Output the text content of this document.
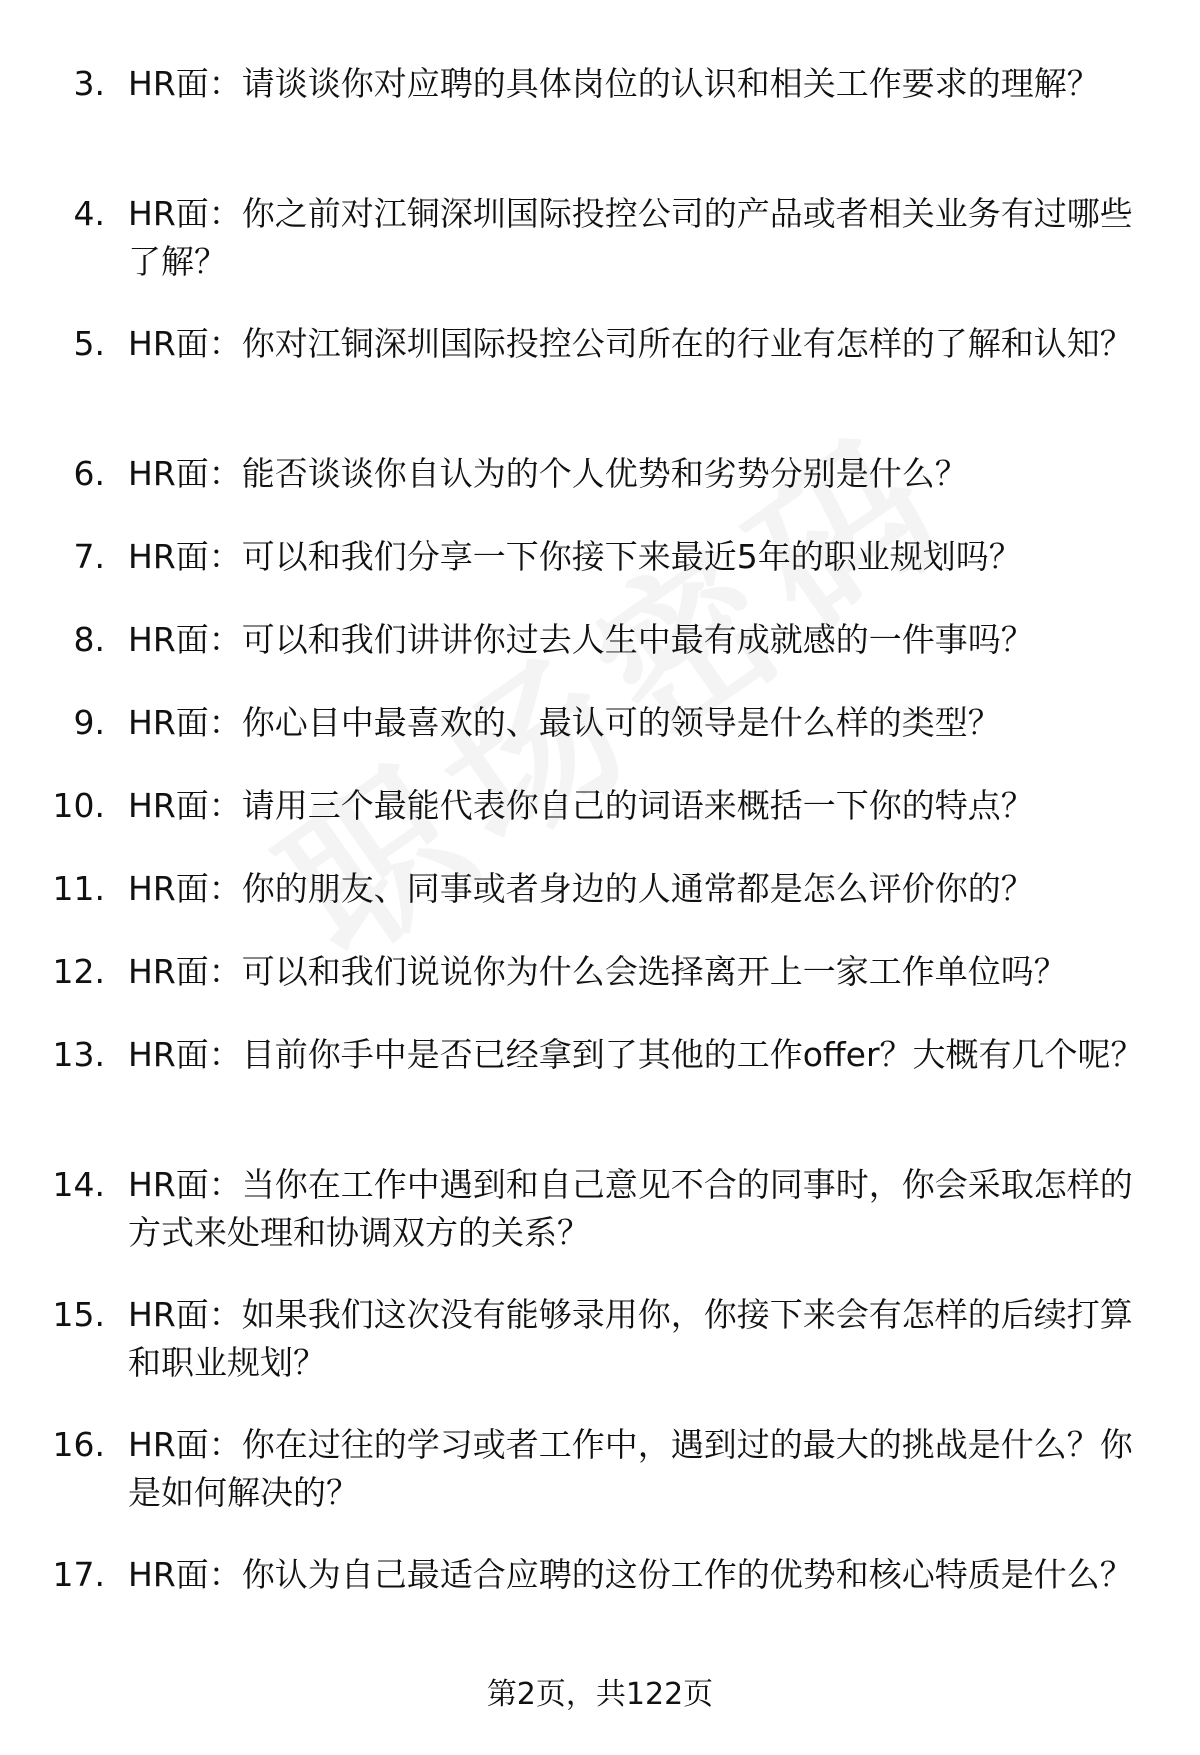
3. HR面：请谈谈你对应聘的具体岗位的认识和相关工作要求的理解？
4. HR面：你之前对江铜深圳国际投控公司的产品或者相关业务有过哪些了解？
5. HR面：你对江铜深圳国际投控公司所在的行业有怎样的了解和认知？
6. HR面：能否谈谈你自认为的个人优势和劣势分别是什么？
7. HR面：可以和我们分享一下你接下来最近5年的职业规划吗？
8. HR面：可以和我们讲讲你过去人生中最有成就感的一件事吗？
9. HR面：你心目中最喜欢的、最认可的领导是什么样的类型？
10. HR面：请用三个最能代表你自己的词语来概括一下你的特点？
11. HR面：你的朋友、同事或者身边的人通常都是怎么评价你的？
12. HR面：可以和我们说说你为什么会选择离开上一家工作单位吗？
13. HR面：目前你手中是否已经拿到了其他的工作offer？大概有几个呢？
14. HR面：当你在工作中遇到和自己意见不合的同事时，你会采取怎样的方式来处理和协调双方的关系？
15. HR面：如果我们这次没有能够录用你，你接下来会有怎样的后续打算和职业规划？
16. HR面：你在过往的学习或者工作中，遇到过的最大的挑战是什么？你是如何解决的？
17. HR面：你认为自己最适合应聘的这份工作的优势和核心特质是什么？
第2页，共122页
